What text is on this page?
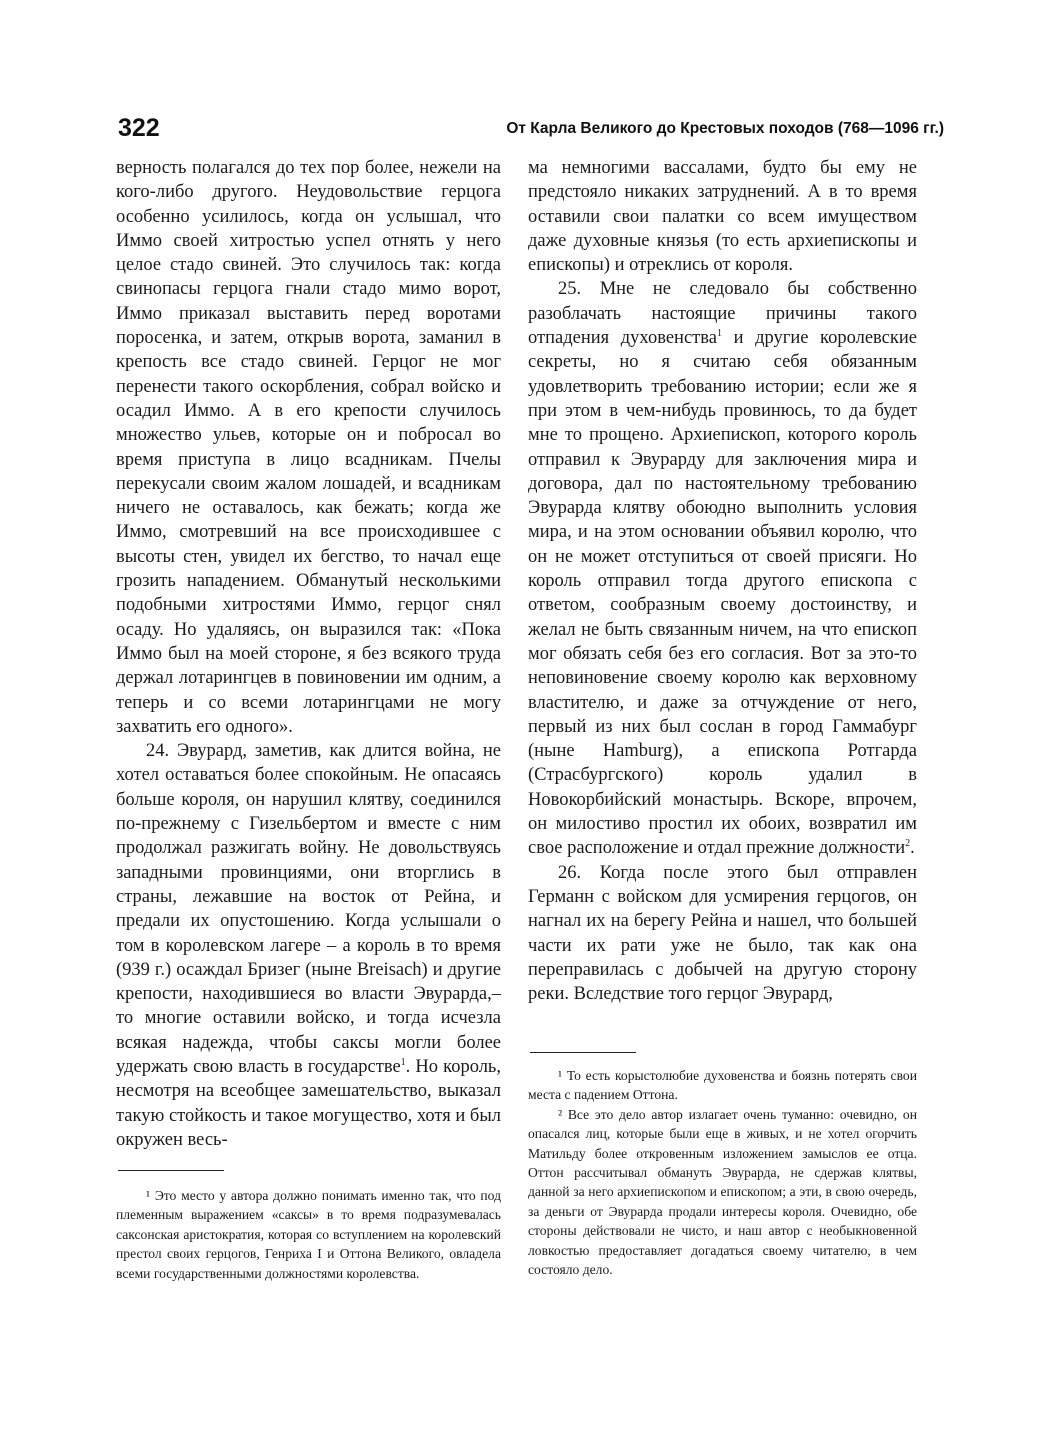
322	От Карла Великого до Крестовых походов (768—1096 гг.)

верность полагался до тех пор более, нежели на кого-либо другого. Неудовольствие герцога особенно усилилось, когда он услышал, что Иммо своей хитростью успел отнять у него целое стадо свиней. Это случилось так: когда свинопасы герцога гнали стадо мимо ворот, Иммо приказал выставить перед воротами поросенка, и затем, открыв ворота, заманил в крепость все стадо свиней. Герцог не мог перенести такого оскорбления, собрал войско и осадил Иммо. А в его крепости случилось множество ульев, которые он и побросал во время приступа в лицо всадникам. Пчелы перекусали своим жалом лошадей, и всадникам ничего не оставалось, как бежать; когда же Иммо, смотревший на все происходившее с высоты стен, увидел их бегство, то начал еще грозить нападением. Обманутый несколькими подобными хитростями Иммо, герцог снял осаду. Но удаляясь, он выразился так: «Пока Иммо был на моей стороне, я без всякого труда держал лотарингцев в повиновении им одним, а теперь и со всеми лотарингцами не могу захватить его одного».

24. Эвурард, заметив, как длится война, не хотел оставаться более спокойным. Не опасаясь больше короля, он нарушил клятву, соединился по-прежнему с Гизельбертом и вместе с ним продолжал разжигать войну. Не довольствуясь западными провинциями, они вторглись в страны, лежавшие на восток от Рейна, и предали их опустошению. Когда услышали о том в королевском лагере – а король в то время (939 г.) осаждал Бризег (ныне Breisach) и другие крепости, находившиеся во власти Эвурарда,– то многие оставили войско, и тогда исчезла всякая надежда, чтобы саксы могли более удержать свою власть в государстве$^1$. Но король, несмотря на всеобщее замешательство, выказал такую стойкость и такое могущество, хотя и был окружен весь-

¹ Это место у автора должно понимать именно так, что под племенным выражением «саксы» в то время подразумевалась саксонская аристократия, которая со вступлением на королевский престол своих герцогов, Генриха I и Оттона Великого, овладела всеми государственными должностями королевства.

ма немногими вассалами, будто бы ему не предстояло никаких затруднений. А в то время оставили свои палатки со всем имуществом даже духовные князья (то есть архиепископы и епископы) и отреклись от короля.

25. Мне не следовало бы собственно разоблачать настоящие причины такого отпадения духовенства$^1$ и другие королевские секреты, но я считаю себя обязанным удовлетворить требованию истории; если же я при этом в чем-нибудь провинюсь, то да будет мне то прощено. Архиепископ, которого король отправил к Эвурарду для заключения мира и договора, дал по настоятельному требованию Эвурарда клятву обоюдно выполнить условия мира, и на этом основании объявил королю, что он не может отступиться от своей присяги. Но король отправил тогда другого епископа с ответом, сообразным своему достоинству, и желал не быть связанным ничем, на что епископ мог обязать себя без его согласия. Вот за это-то неповиновение своему королю как верховному властителю, и даже за отчуждение от него, первый из них был сослан в город Гаммабург (ныне Hamburg), а епископа Ротгарда (Страсбургского) король удалил в Новокорбийский монастырь. Вскоре, впрочем, он милостиво простил их обоих, возвратил им свое расположение и отдал прежние должности$^2$.

26. Когда после этого был отправлен Германн с войском для усмирения герцогов, он нагнал их на берегу Рейна и нашел, что большей части их рати уже не было, так как она переправилась с добычей на другую сторону реки. Вследствие того герцог Эвурард,

¹ То есть корыстолюбие духовенства и боязнь потерять свои места с падением Оттона.

² Все это дело автор излагает очень туманно: очевидно, он опасался лиц, которые были еще в живых, и не хотел огорчить Матильду более откровенным изложением замыслов ее отца. Оттон рассчитывал обмануть Эвурарда, не сдержав клятвы, данной за него архиепископом и епископом; а эти, в свою очередь, за деньги от Эвурарда продали интересы короля. Очевидно, обе стороны действовали не чисто, и наш автор с необыкновенной ловкостью предоставляет догадаться своему читателю, в чем состояло дело.
